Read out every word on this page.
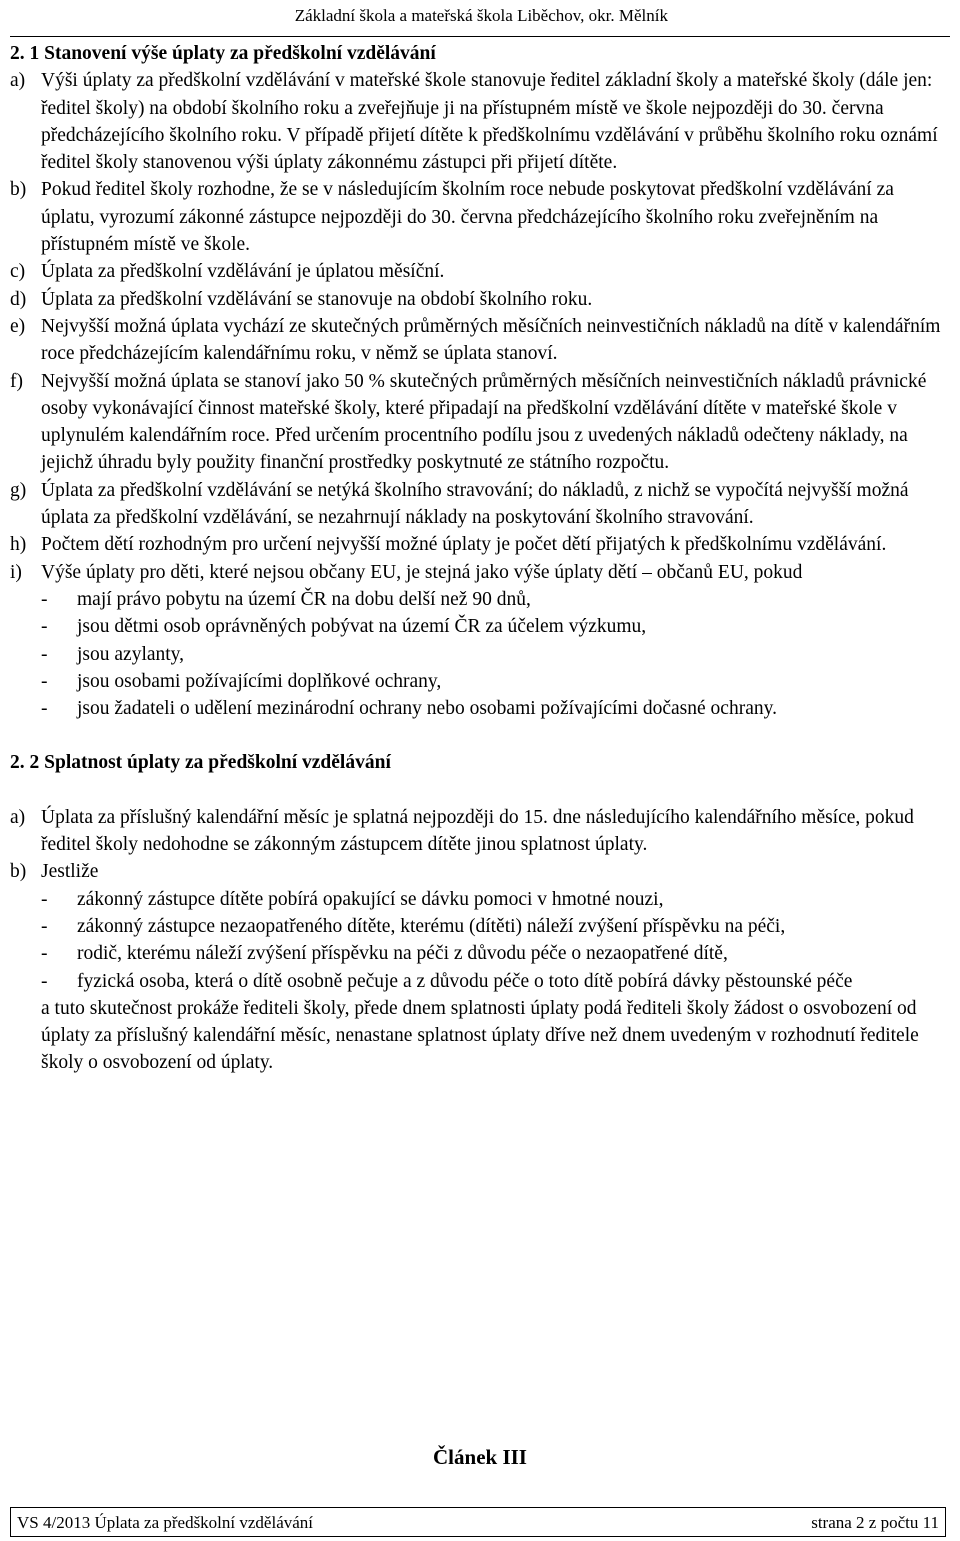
Základní škola a mateřská škola Liběchov, okr. Mělník
2. 1 Stanovení výše úplaty za předškolní vzdělávání
a) Výši úplaty za předškolní vzdělávání v mateřské škole stanovuje ředitel základní školy a mateřské školy (dále jen: ředitel školy) na období školního roku a zveřejňuje ji na přístupném místě ve škole nejpozději do 30. června předcházejícího školního roku. V případě přijetí dítěte k předškolnímu vzdělávání v průběhu školního roku oznámí ředitel školy stanovenou výši úplaty zákonnému zástupci při přijetí dítěte.
b) Pokud ředitel školy rozhodne, že se v následujícím školním roce nebude poskytovat předškolní vzdělávání za úplatu, vyrozumí zákonné zástupce nejpozději do 30. června předcházejícího školního roku zveřejněním na přístupném místě ve škole.
c) Úplata za předškolní vzdělávání je úplatou měsíční.
d) Úplata za předškolní vzdělávání se stanovuje na období školního roku.
e) Nejvyšší možná úplata vychází ze skutečných průměrných měsíčních neinvestičních nákladů na dítě v kalendářním roce předcházejícím kalendářnímu roku, v němž se úplata stanoví.
f) Nejvyšší možná úplata se stanoví jako 50 % skutečných průměrných měsíčních neinvestičních nákladů právnické osoby vykonávající činnost mateřské školy, které připadají na předškolní vzdělávání dítěte v mateřské škole v uplynulém kalendářním roce. Před určením procentního podílu jsou z uvedených nákladů odečteny náklady, na jejichž úhradu byly použity finanční prostředky poskytnuté ze státního rozpočtu.
g) Úplata za předškolní vzdělávání se netýká školního stravování; do nákladů, z nichž se vypočítá nejvyšší možná úplata za předškolní vzdělávání, se nezahrnují náklady na poskytování školního stravování.
h) Počtem dětí rozhodným pro určení nejvyšší možné úplaty je počet dětí přijatých k předškolnímu vzdělávání.
i) Výše úplaty pro děti, které nejsou občany EU, je stejná jako výše úplaty dětí – občanů EU, pokud
- mají právo pobytu na území ČR na dobu delší než 90 dnů,
- jsou dětmi osob oprávněných pobývat na území ČR za účelem výzkumu,
- jsou azylanty,
- jsou osobami požívajícími doplňkové ochrany,
- jsou žadateli o udělení mezinárodní ochrany nebo osobami požívajícími dočasné ochrany.
2. 2 Splatnost úplaty za předškolní vzdělávání
a) Úplata za příslušný kalendářní měsíc je splatná nejpozději do 15. dne následujícího kalendářního měsíce, pokud ředitel školy nedohodne se zákonným zástupcem dítěte jinou splatnost úplaty.
b) Jestliže
- zákonný zástupce dítěte pobírá opakující se dávku pomoci v hmotné nouzi,
- zákonný zástupce nezaopatřeného dítěte, kterému (dítěti) náleží zvýšení příspěvku na péči,
- rodič, kterému náleží zvýšení příspěvku na péči z důvodu péče o nezaopatřené dítě,
- fyzická osoba, která o dítě osobně pečuje a z důvodu péče o toto dítě pobírá dávky pěstounské péče
a tuto skutečnost prokáže řediteli školy, přede dnem splatnosti úplaty podá řediteli školy žádost o osvobození od úplaty za příslušný kalendářní měsíc, nenastane splatnost úplaty dříve než dnem uvedeným v rozhodnutí ředitele školy o osvobození od úplaty.
Článek III
VS 4/2013 Úplata za předškolní vzdělávání	strana 2 z počtu 11
